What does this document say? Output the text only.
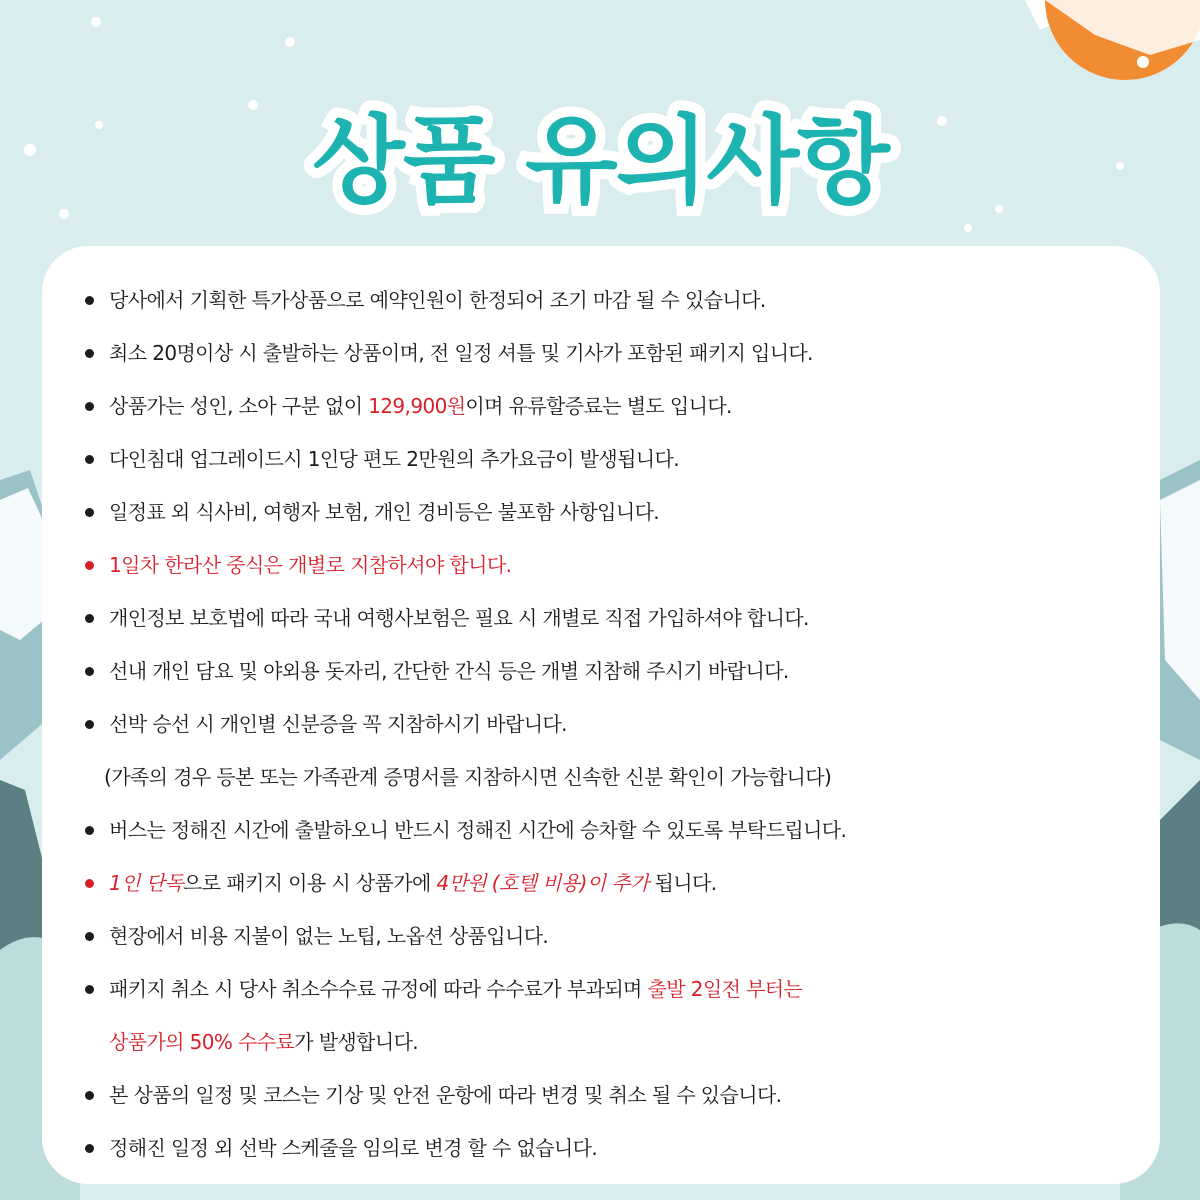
상품 유의사항
당사에서 기획한 특가상품으로 예약인원이 한정되어 조기 마감 될 수 있습니다.
최소 20명이상 시 출발하는 상품이며, 전 일정 셔틀 및 기사가 포함된 패키지 입니다.
상품가는 성인, 소아 구분 없이 129,900원이며 유류할증료는 별도 입니다.
다인침대 업그레이드시 1인당 편도 2만원의 추가요금이 발생됩니다.
일정표 외 식사비, 여행자 보험, 개인 경비등은 불포함 사항입니다.
1일차 한라산 중식은 개별로 지참하셔야 합니다.
개인정보 보호법에 따라 국내 여행사보험은 필요 시 개별로 직접 가입하셔야 합니다.
선내 개인 담요 및 야외용 돗자리, 간단한 간식 등은 개별 지참해 주시기 바랍니다.
선박 승선 시 개인별 신분증을 꼭 지참하시기 바랍니다.
(가족의 경우 등본 또는 가족관계 증명서를 지참하시면 신속한 신분 확인이 가능합니다)
버스는 정해진 시간에 출발하오니 반드시 정해진 시간에 승차할 수 있도록 부탁드립니다.
1인 단독으로 패키지 이용 시 상품가에 4만원 (호텔 비용)이 추가 됩니다.
현장에서 비용 지불이 없는 노팁, 노옵션 상품입니다.
패키지 취소 시 당사 취소수수료 규정에 따라 수수료가 부과되며 출발 2일전 부터는
상품가의 50% 수수료가 발생합니다.
본 상품의 일정 및 코스는 기상 및 안전 운항에 따라 변경 및 취소 될 수 있습니다.
정해진 일정 외 선박 스케줄을 임의로 변경 할 수 없습니다.
